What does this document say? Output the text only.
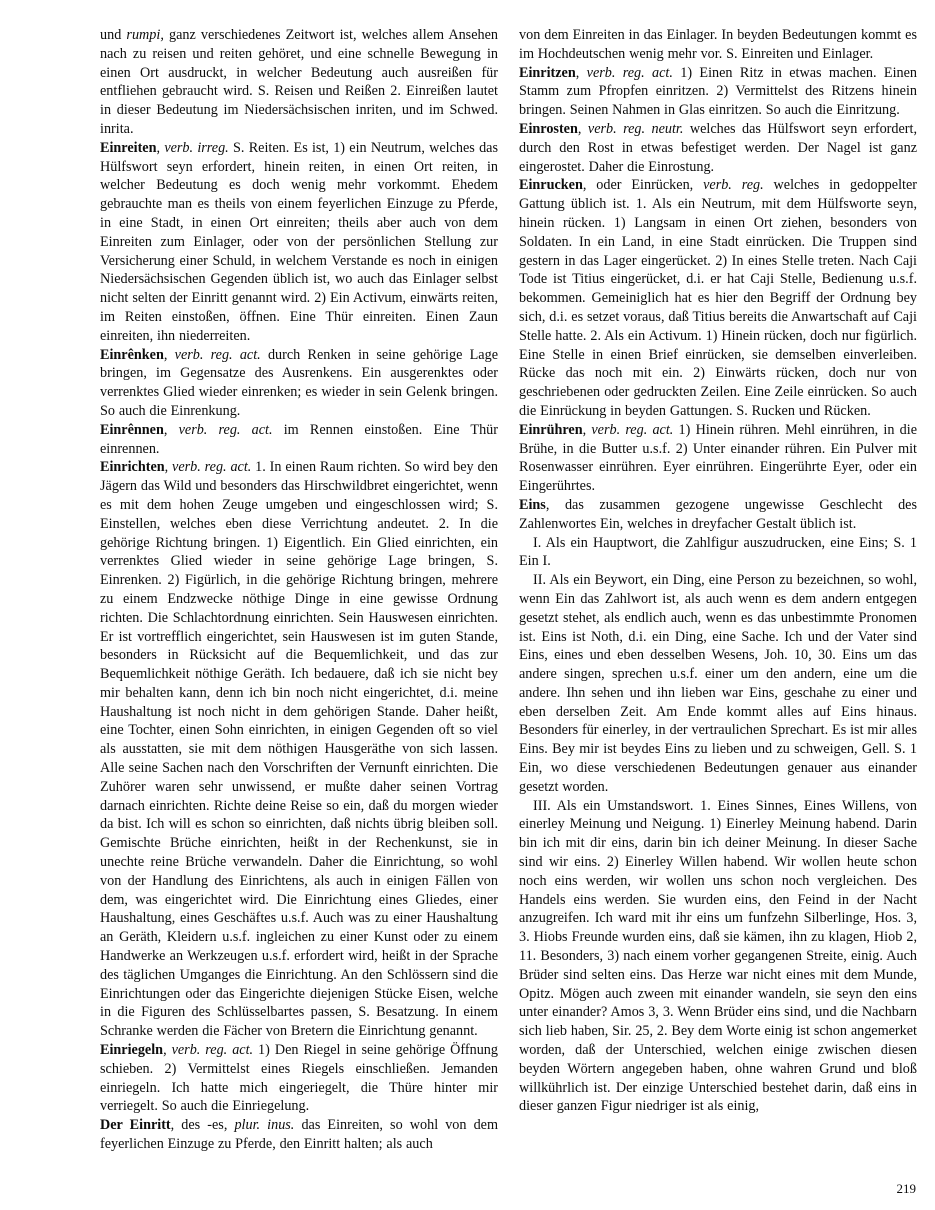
und rumpi, ganz verschiedenes Zeitwort ist, welches allem Ansehen nach zu reisen und reiten gehöret, und eine schnelle Bewegung in einen Ort ausdruckt, in welcher Bedeutung auch ausreißen für entfliehen gebraucht wird. S. Reisen und Reißen 2. Einreißen lautet in dieser Bedeutung im Niedersächsischen inriten, und im Schwed. inrita.

Einreiten, verb. irreg. S. Reiten. Es ist, 1) ein Neutrum, welches das Hülfswort seyn erfordert, hinein reiten, in einen Ort reiten, in welcher Bedeutung es doch wenig mehr vorkommt. Ehedem gebrauchte man es theils von einem feyerlichen Einzuge zu Pferde, in eine Stadt, in einen Ort einreiten; theils aber auch von dem Einreiten zum Einlager, oder von der persönlichen Stellung zur Versicherung einer Schuld, in welchem Verstande es noch in einigen Niedersächsischen Gegenden üblich ist, wo auch das Einlager selbst nicht selten der Einritt genannt wird. 2) Ein Activum, einwärts reiten, im Reiten einstoßen, öffnen. Eine Thür einreiten. Einen Zaun einreiten, ihn niederreiten.

Einrênken, verb. reg. act. durch Renken in seine gehörige Lage bringen, im Gegensatze des Ausrenkens. Ein ausgerenktes oder verrenktes Glied wieder einrenken; es wieder in sein Gelenk bringen. So auch die Einrenkung.

Einrênnen, verb. reg. act. im Rennen einstoßen. Eine Thür einrennen.

Einrichten, verb. reg. act. 1. In einen Raum richten. So wird bey den Jägern das Wild und besonders das Hirschwildbret eingerichtet, wenn es mit dem hohen Zeuge umgeben und eingeschlossen wird; S. Einstellen, welches eben diese Verrichtung andeutet. 2. In die gehörige Richtung bringen. 1) Eigentlich. Ein Glied einrichten, ein verrenktes Glied wieder in seine gehörige Lage bringen, S. Einrenken. 2) Figürlich, in die gehörige Richtung bringen, mehrere zu einem Endzwecke nöthige Dinge in eine gewisse Ordnung richten. Die Schlachtordnung einrichten. Sein Hauswesen einrichten. Er ist vortrefflich eingerichtet, sein Hauswesen ist im guten Stande, besonders in Rücksicht auf die Bequemlichkeit, und das zur Bequemlichkeit nöthige Geräth. Ich bedauere, daß ich sie nicht bey mir behalten kann, denn ich bin noch nicht eingerichtet, d.i. meine Haushaltung ist noch nicht in dem gehörigen Stande. Daher heißt, eine Tochter, einen Sohn einrichten, in einigen Gegenden oft so viel als ausstatten, sie mit dem nöthigen Hausgeräthe von sich lassen. Alle seine Sachen nach den Vorschriften der Vernunft einrichten. Die Zuhörer waren sehr unwissend, er mußte daher seinen Vortrag darnach einrichten. Richte deine Reise so ein, daß du morgen wieder da bist. Ich will es schon so einrichten, daß nichts übrig bleiben soll. Gemischte Brüche einrichten, heißt in der Rechenkunst, sie in unechte reine Brüche verwandeln. Daher die Einrichtung, so wohl von der Handlung des Einrichtens, als auch in einigen Fällen von dem, was eingerichtet wird. Die Einrichtung eines Gliedes, einer Haushaltung, eines Geschäftes u.s.f. Auch was zu einer Haushaltung an Geräth, Kleidern u.s.f. ingleichen zu einer Kunst oder zu einem Handwerke an Werkzeugen u.s.f. erfordert wird, heißt in der Sprache des täglichen Umganges die Einrichtung. An den Schlössern sind die Einrichtungen oder das Eingerichte diejenigen Stücke Eisen, welche in die Figuren des Schlüsselbartes passen, S. Besatzung. In einem Schranke werden die Fächer von Bretern die Einrichtung genannt.

Einriegeln, verb. reg. act. 1) Den Riegel in seine gehörige Öffnung schieben. 2) Vermittelst eines Riegels einschließen. Jemanden einriegeln. Ich hatte mich eingeriegelt, die Thüre hinter mir verriegelt. So auch die Einriegelung.

Der Einritt, des -es, plur. inus. das Einreiten, so wohl von dem feyerlichen Einzuge zu Pferde, den Einritt halten; als auch

von dem Einreiten in das Einlager. In beyden Bedeutungen kommt es im Hochdeutschen wenig mehr vor. S. Einreiten und Einlager.

Einritzen, verb. reg. act. 1) Einen Ritz in etwas machen. Einen Stamm zum Pfropfen einritzen. 2) Vermittelst des Ritzens hinein bringen. Seinen Nahmen in Glas einritzen. So auch die Einritzung.

Einrosten, verb. reg. neutr. welches das Hülfswort seyn erfordert, durch den Rost in etwas befestiget werden. Der Nagel ist ganz eingerostet. Daher die Einrostung.

Einrucken, oder Einrücken, verb. reg. welches in gedoppelter Gattung üblich ist. 1. Als ein Neutrum, mit dem Hülfsworte seyn, hinein rücken. 1) Langsam in einen Ort ziehen, besonders von Soldaten. In ein Land, in eine Stadt einrücken. Die Truppen sind gestern in das Lager eingerücket. 2) In eines Stelle treten. Nach Caji Tode ist Titius eingerücket, d.i. er hat Caji Stelle, Bedienung u.s.f. bekommen. Gemeiniglich hat es hier den Begriff der Ordnung bey sich, d.i. es setzet voraus, daß Titius bereits die Anwartschaft auf Caji Stelle hatte. 2. Als ein Activum. 1) Hinein rücken, doch nur figürlich. Eine Stelle in einen Brief einrücken, sie demselben einverleiben. Rücke das noch mit ein. 2) Einwärts rücken, doch nur von geschriebenen oder gedruckten Zeilen. Eine Zeile einrücken. So auch die Einrückung in beyden Gattungen. S. Rucken und Rücken.

Einrühren, verb. reg. act. 1) Hinein rühren. Mehl einrühren, in die Brühe, in die Butter u.s.f. 2) Unter einander rühren. Ein Pulver mit Rosenwasser einrühren. Eyer einrühren. Eingerührte Eyer, oder ein Eingerührtes.

Eins, das zusammen gezogene ungewisse Geschlecht des Zahlenwortes Ein, welches in dreyfacher Gestalt üblich ist.

I. Als ein Hauptwort, die Zahlfigur auszudrucken, eine Eins; S. 1 Ein I.

II. Als ein Beywort, ein Ding, eine Person zu bezeichnen, so wohl, wenn Ein das Zahlwort ist, als auch wenn es dem andern entgegen gesetzt stehet, als endlich auch, wenn es das unbestimmte Pronomen ist. Eins ist Noth, d.i. ein Ding, eine Sache. Ich und der Vater sind Eins, eines und eben desselben Wesens, Joh. 10, 30. Eins um das andere singen, sprechen u.s.f. einer um den andern, eine um die andere. Ihn sehen und ihn lieben war Eins, geschahe zu einer und eben derselben Zeit. Am Ende kommt alles auf Eins hinaus. Besonders für einerley, in der vertraulichen Sprechart. Es ist mir alles Eins. Bey mir ist beydes Eins zu lieben und zu schweigen, Gell. S. 1 Ein, wo diese verschiedenen Bedeutungen genauer aus einander gesetzt worden.

III. Als ein Umstandswort. 1. Eines Sinnes, Eines Willens, von einerley Meinung und Neigung. 1) Einerley Meinung habend. Darin bin ich mit dir eins, darin bin ich deiner Meinung. In dieser Sache sind wir eins. 2) Einerley Willen habend. Wir wollen heute schon noch eins werden, wir wollen uns schon noch vergleichen. Des Handels eins werden. Sie wurden eins, den Feind in der Nacht anzugreifen. Ich ward mit ihr eins um funfzehn Silberlinge, Hos. 3, 3. Hiobs Freunde wurden eins, daß sie kämen, ihn zu klagen, Hiob 2, 11. Besonders, 3) nach einem vorher gegangenen Streite, einig. Auch Brüder sind selten eins. Das Herze war nicht eines mit dem Munde, Opitz. Mögen auch zween mit einander wandeln, sie seyn den eins unter einander? Amos 3, 3. Wenn Brüder eins sind, und die Nachbarn sich lieb haben, Sir. 25, 2. Bey dem Worte einig ist schon angemerket worden, daß der Unterschied, welchen einige zwischen diesen beyden Wörtern angegeben haben, ohne wahren Grund und bloß willkührlich ist. Der einzige Unterschied bestehet darin, daß eins in dieser ganzen Figur niedriger ist als einig,

219
